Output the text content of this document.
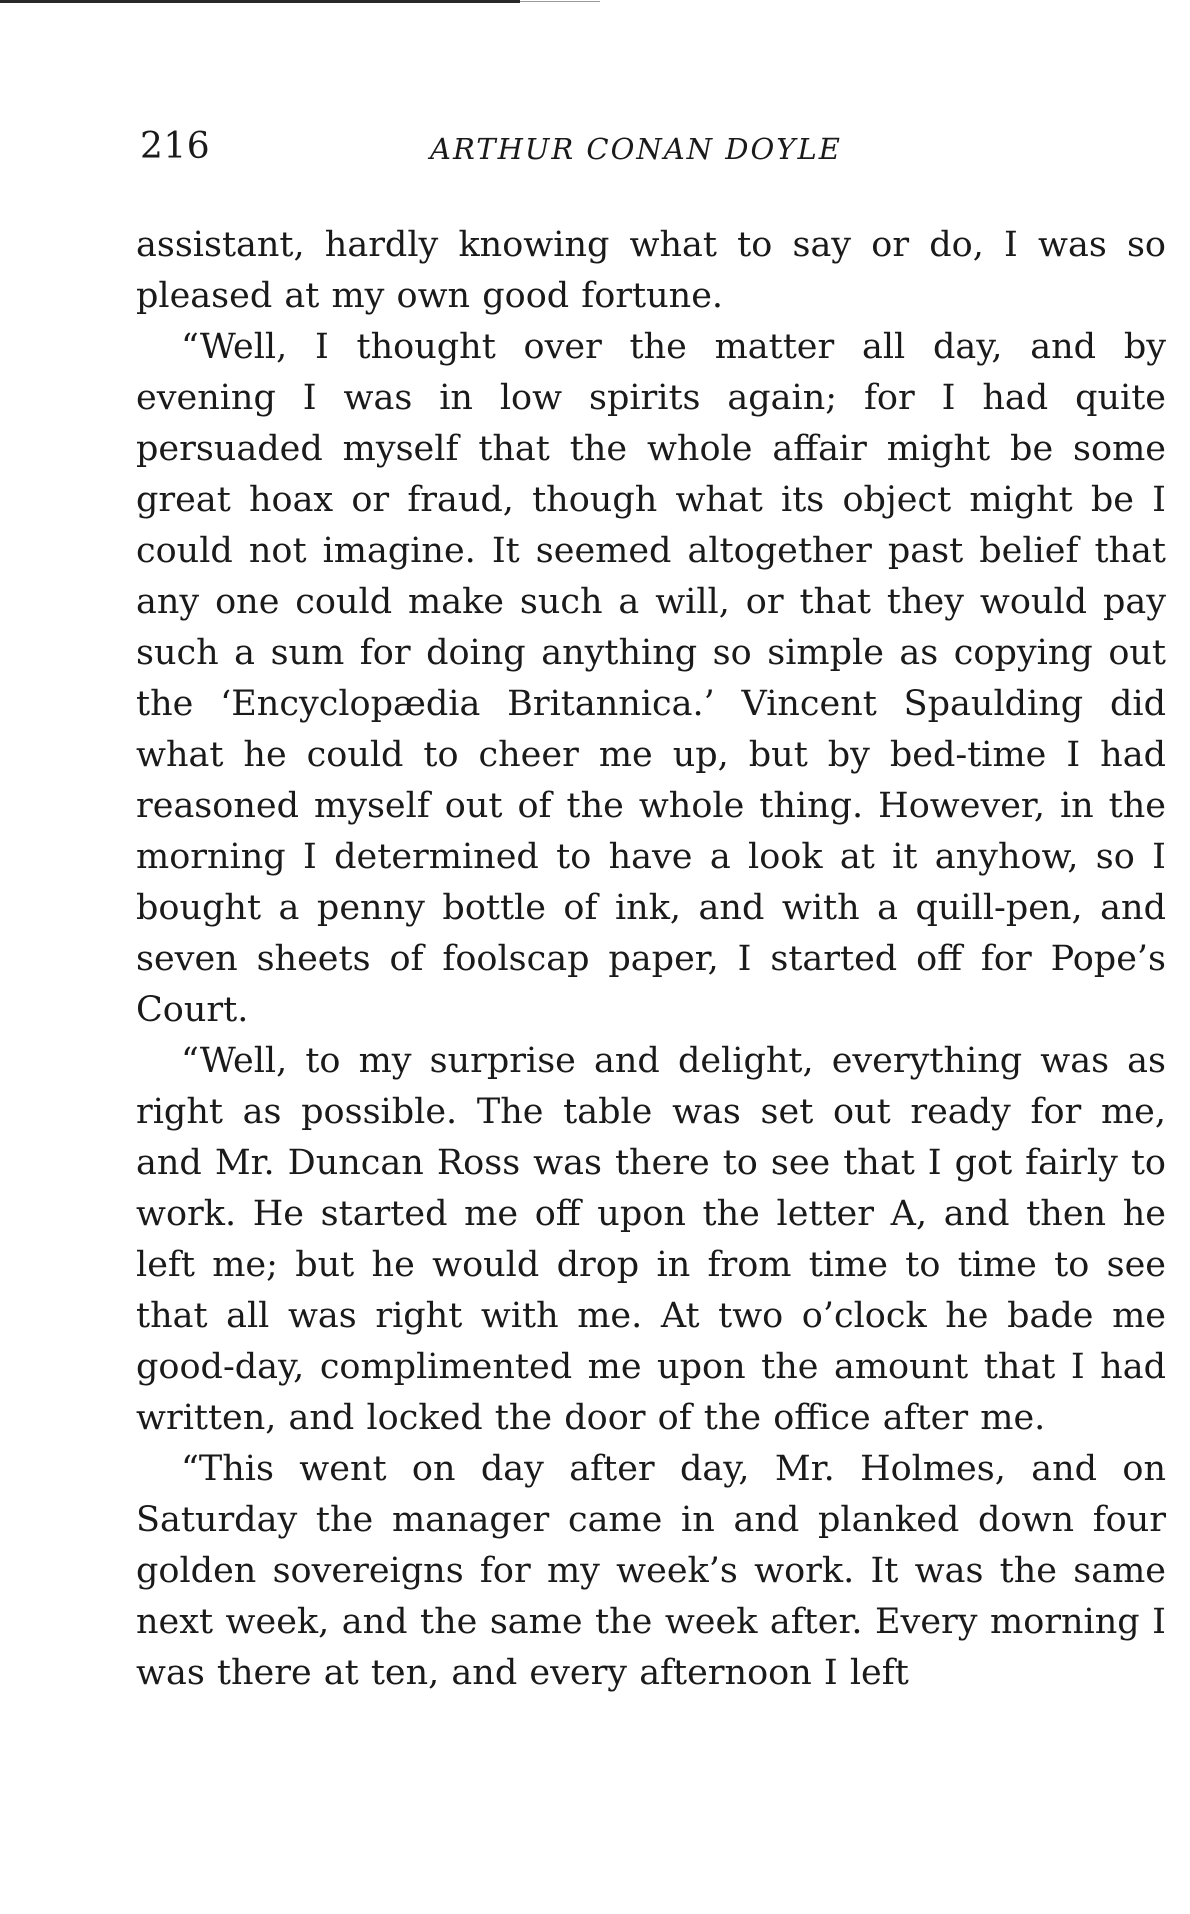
216	ARTHUR CONAN DOYLE

assistant, hardly knowing what to say or do, I was so pleased at my own good fortune.

“Well, I thought over the matter all day, and by evening I was in low spirits again; for I had quite persuaded myself that the whole affair might be some great hoax or fraud, though what its object might be I could not imagine. It seemed altogether past belief that any one could make such a will, or that they would pay such a sum for doing anything so simple as copying out the ‘Encyclopædia Britannica.’ Vincent Spaulding did what he could to cheer me up, but by bed-time I had reasoned myself out of the whole thing. However, in the morning I determined to have a look at it anyhow, so I bought a penny bottle of ink, and with a quill-pen, and seven sheets of foolscap paper, I started off for Pope’s Court.

“Well, to my surprise and delight, everything was as right as possible. The table was set out ready for me, and Mr. Duncan Ross was there to see that I got fairly to work. He started me off upon the letter A, and then he left me; but he would drop in from time to time to see that all was right with me. At two o’clock he bade me good-day, complimented me upon the amount that I had written, and locked the door of the office after me.

“This went on day after day, Mr. Holmes, and on Saturday the manager came in and planked down four golden sovereigns for my week’s work. It was the same next week, and the same the week after. Every morning I was there at ten, and every afternoon I left
